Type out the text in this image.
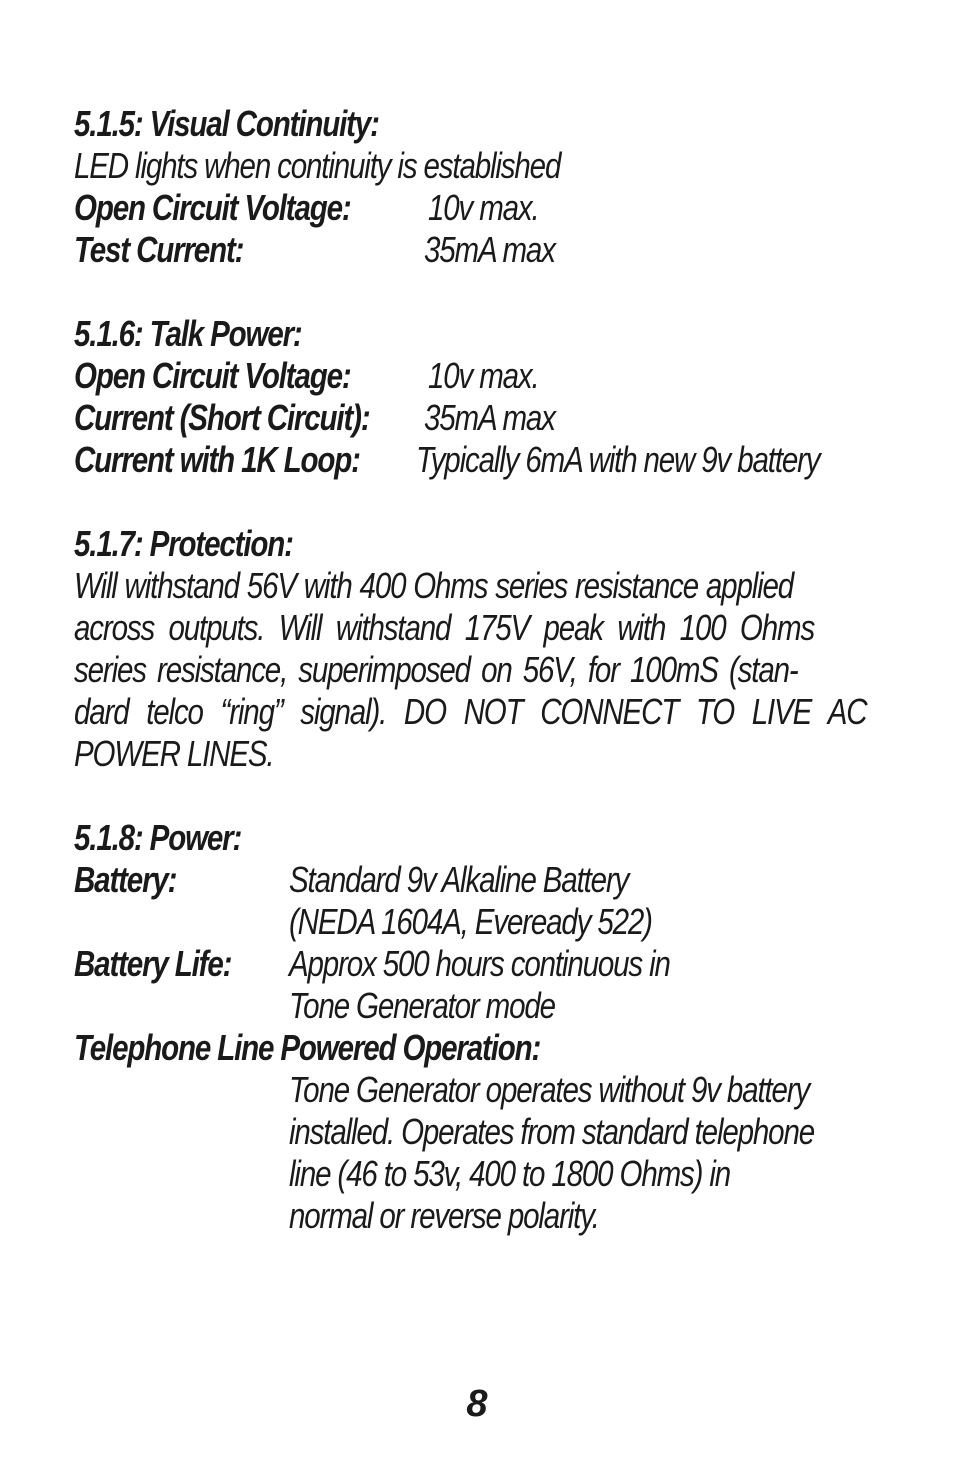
5.1.5: Visual Continuity:
LED lights when continuity is established
Open Circuit Voltage: 10v max.
Test Current:	35mA max
5.1.6: Talk Power:
Open Circuit Voltage: 10v max.
Current (Short Circuit): 35mA max
Current with 1K Loop: Typically 6mA with new 9v battery
5.1.7: Protection:
Will withstand 56V with 400 Ohms series resistance applied
across outputs. Will withstand 175V peak with 100 Ohms
series resistance, superimposed on 56V, for 100mS (stan-
dard telco “ring” signal). DO NOT CONNECT TO LIVE AC
POWER LINES.
5.1.8: Power:
Battery:	Standard 9v Alkaline Battery
(NEDA 1604A, Eveready 522)
Battery Life: Approx 500 hours continuous in
Tone Generator mode
Telephone Line Powered Operation:
Tone Generator operates without 9v battery
installed. Operates from standard telephone
line (46 to 53v, 400 to 1800 Ohms) in
normal or reverse polarity.
8
